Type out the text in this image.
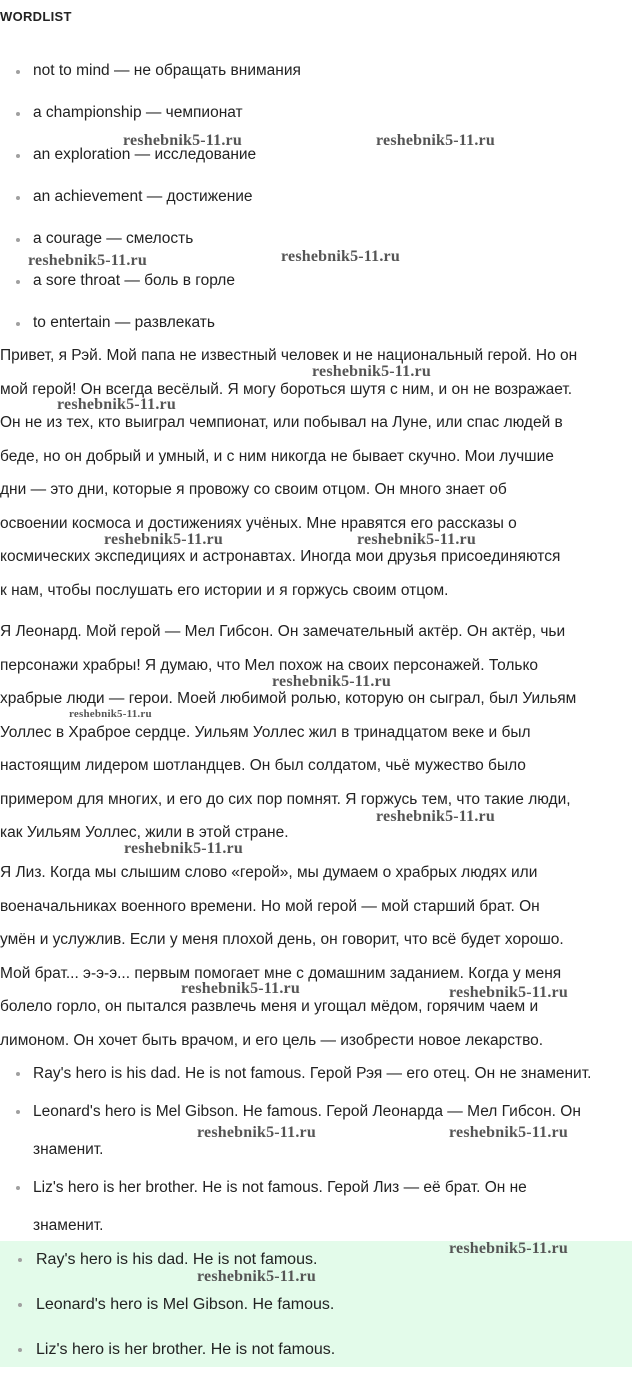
WORDLIST
not to mind — не обращать внимания
a championship — чемпионат
an exploration — исследование
an achievement — достижение
a courage — смелость
a sore throat — боль в горле
to entertain — развлекать

Привет, я Рэй. Мой папа не известный человек и не национальный герой. Но он
мой герой! Он всегда весёлый. Я могу бороться шутя с ним, и он не возражает.
Он не из тех, кто выиграл чемпионат, или побывал на Луне, или спас людей в
беде, но он добрый и умный, и с ним никогда не бывает скучно. Мои лучшие
дни — это дни, которые я провожу со своим отцом. Он много знает об
освоении космоса и достижениях учёных. Мне нравятся его рассказы о
космических экспедициях и астронавтах. Иногда мои друзья присоединяются
к нам, чтобы послушать его истории и я горжусь своим отцом.

Я Леонард. Мой герой — Мел Гибсон. Он замечательный актёр. Он актёр, чьи
персонажи храбры! Я думаю, что Мел похож на своих персонажей. Только
храбрые люди — герои. Моей любимой ролью, которую он сыграл, был Уильям
Уоллес в Храброе сердце. Уильям Уоллес жил в тринадцатом веке и был
настоящим лидером шотландцев. Он был солдатом, чьё мужество было
примером для многих, и его до сих пор помнят. Я горжусь тем, что такие люди,
как Уильям Уоллес, жили в этой стране.

Я Лиз. Когда мы слышим слово «герой», мы думаем о храбрых людях или
военачальниках военного времени. Но мой герой — мой старший брат. Он
умён и услужлив. Если у меня плохой день, он говорит, что всё будет хорошо.
Мой брат... э-э-э... первым помогает мне с домашним заданием. Когда у меня
болело горло, он пытался развлечь меня и угощал мёдом, горячим чаем и
лимоном. Он хочет быть врачом, и его цель — изобрести новое лекарство.

Ray's hero is his dad. He is not famous. Герой Рэя — его отец. Он не знаменит.
Leonard's hero is Mel Gibson. He famous. Герой Леонарда — Мел Гибсон. Он
знаменит.
Liz's hero is her brother. He is not famous. Герой Лиз — её брат. Он не
знаменит.
Ray's hero is his dad. He is not famous.
Leonard's hero is Mel Gibson. He famous.
Liz's hero is her brother. He is not famous.
reshebnik5-11.ru	reshebnik5-11.ru
reshebnik5-11.ru	reshebnik5-11.ru
reshebnik5-11.ru
reshebnik5-11.ru
reshebnik5-11.ru	reshebnik5-11.ru
reshebnik5-11.ru
reshebnik5-11.ru
reshebnik5-11.ru
reshebnik5-11.ru
reshebnik5-11.ru	reshebnik5-11.ru
reshebnik5-11.ru	reshebnik5-11.ru
reshebnik5-11.ru
reshebnik5-11.ru
